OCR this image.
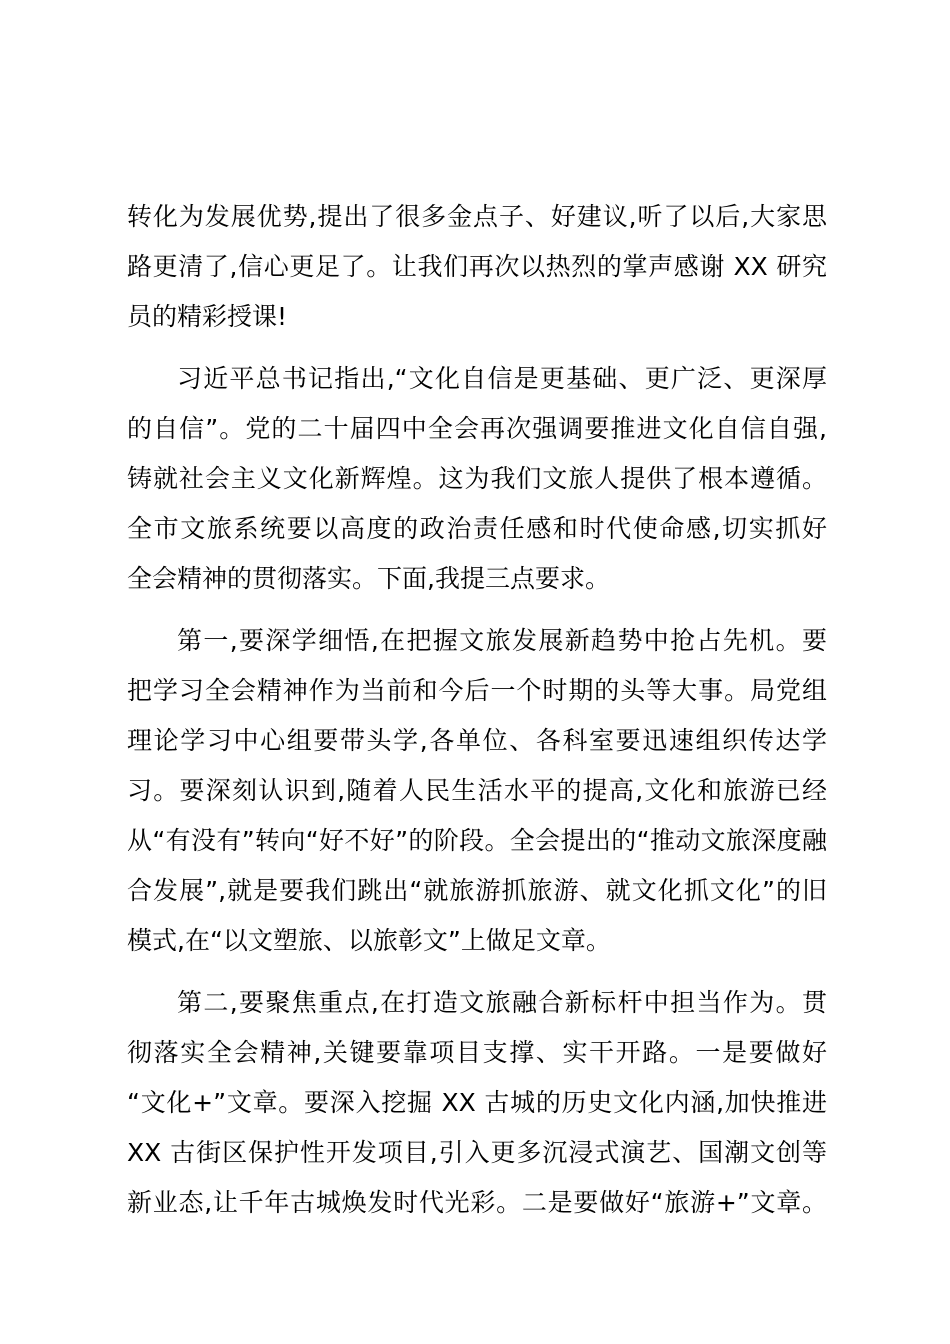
转化为发展优势,提出了很多金点子、好建议,听了以后,大家思
路更清了,信心更足了。让我们再次以热烈的掌声感谢 XX 研究
员的精彩授课!
习近平总书记指出,“文化自信是更基础、更广泛、更深厚
的自信”。党的二十届四中全会再次强调要推进文化自信自强,
铸就社会主义文化新辉煌。这为我们文旅人提供了根本遵循。
全市文旅系统要以高度的政治责任感和时代使命感,切实抓好
全会精神的贯彻落实。下面,我提三点要求。
第一,要深学细悟,在把握文旅发展新趋势中抢占先机。要
把学习全会精神作为当前和今后一个时期的头等大事。局党组
理论学习中心组要带头学,各单位、各科室要迅速组织传达学
习。要深刻认识到,随着人民生活水平的提高,文化和旅游已经
从“有没有”转向“好不好”的阶段。全会提出的“推动文旅深度融
合发展”,就是要我们跳出“就旅游抓旅游、就文化抓文化”的旧
模式,在“以文塑旅、以旅彰文”上做足文章。
第二,要聚焦重点,在打造文旅融合新标杆中担当作为。贯
彻落实全会精神,关键要靠项目支撑、实干开路。一是要做好
“文化+”文章。要深入挖掘 XX 古城的历史文化内涵,加快推进
XX 古街区保护性开发项目,引入更多沉浸式演艺、国潮文创等
新业态,让千年古城焕发时代光彩。二是要做好“旅游+”文章。
